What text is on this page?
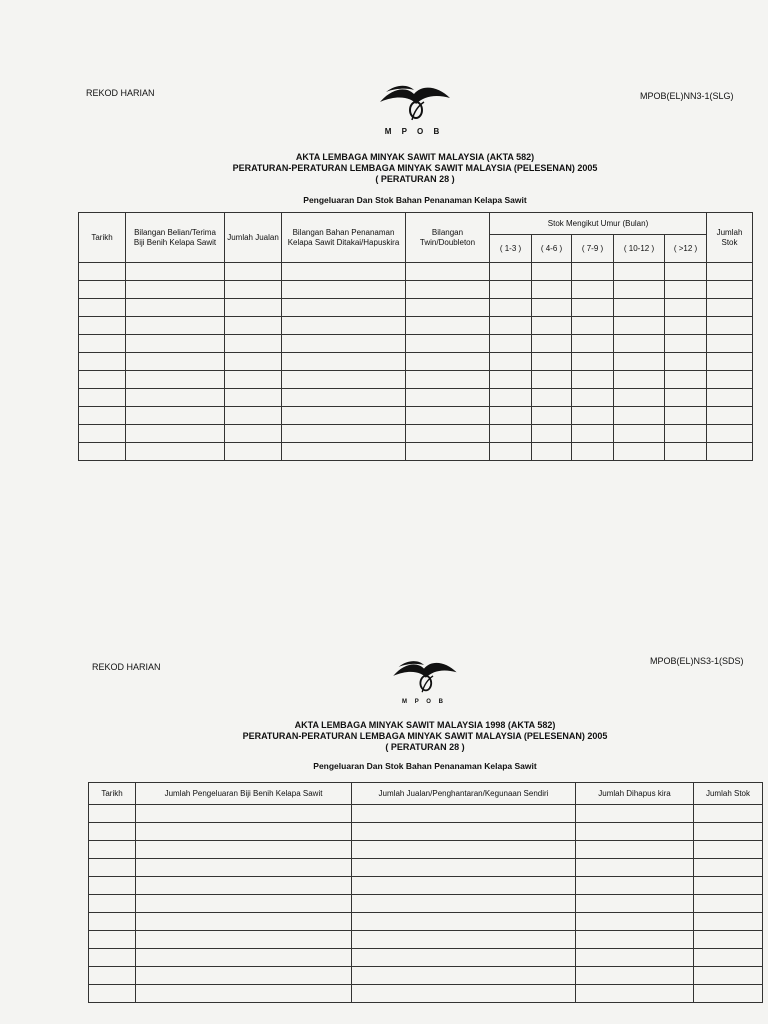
REKOD HARIAN	MPOB(EL)NN3-1(SLG)
M P O B
AKTA LEMBAGA MINYAK SAWIT MALAYSIA (AKTA 582)
PERATURAN-PERATURAN LEMBAGA MINYAK SAWIT MALAYSIA (PELESENAN) 2005
( PERATURAN 28 )
Pengeluaran Dan Stok Bahan Penanaman Kelapa Sawit
Tarikh	Bilangan Belian/Terima Biji Benih Kelapa Sawit	Jumlah Jualan	Bilangan Bahan Penanaman Kelapa Sawit Ditakai/Hapuskira	Bilangan Twin/Doubleton	Stok Mengikut Umur (Bulan)					Jumlah Stok
					( 1-3 )	( 4-6 )	( 7-9 )	( 10-12 )	( >12 )	

REKOD HARIAN
MPOB(EL)NS3-1(SDS)
M P O B
AKTA LEMBAGA MINYAK SAWIT MALAYSIA 1998 (AKTA 582)
PERATURAN-PERATURAN LEMBAGA MINYAK SAWIT MALAYSIA (PELESENAN) 2005
( PERATURAN 28 )
Pengeluaran Dan Stok Bahan Penanaman Kelapa Sawit
Tarikh	Jumlah Pengeluaran Biji Benih Kelapa Sawit	Jumlah Jualan/Penghantaran/Kegunaan Sendiri	Jumlah Dihapus kira	Jumlah Stok
